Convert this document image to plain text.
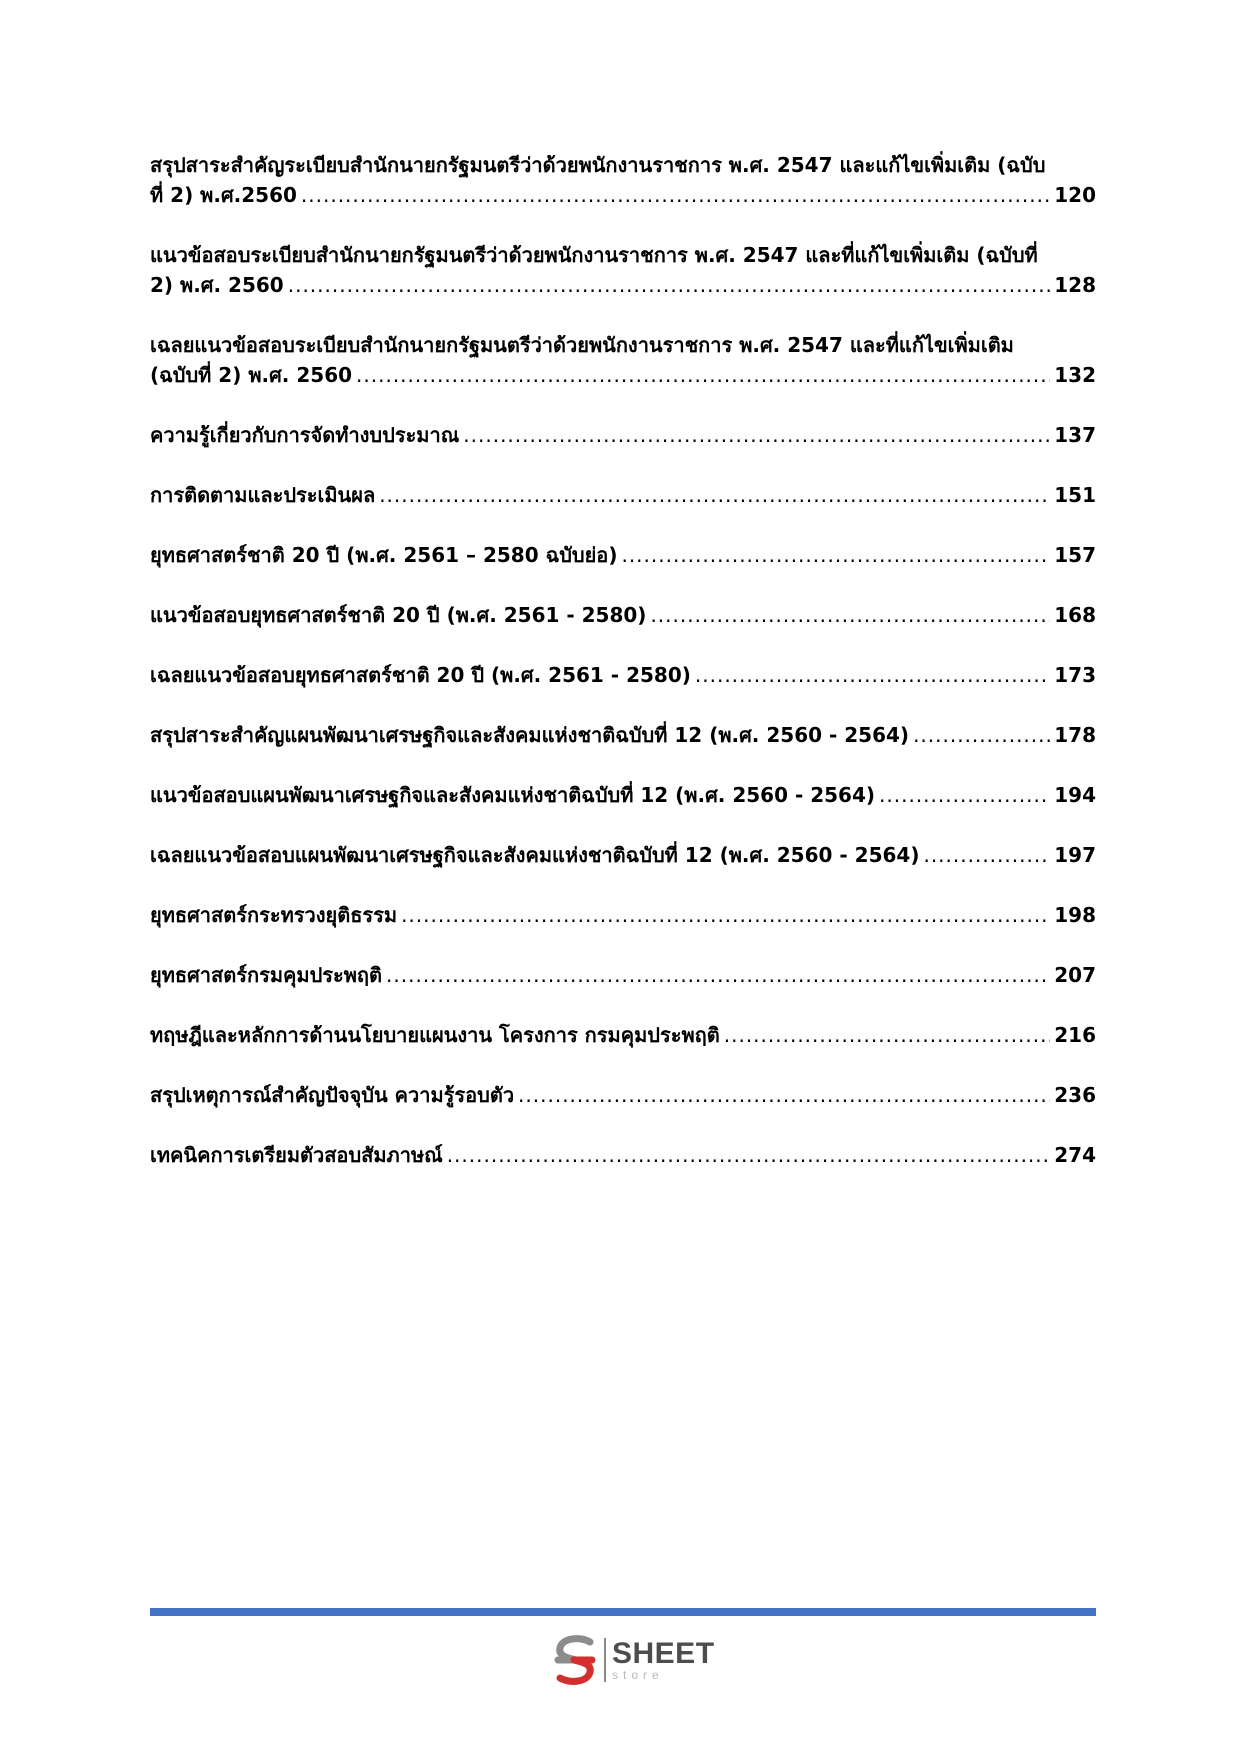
สรุปสาระสำคัญระเบียบสำนักนายกรัฐมนตรีว่าด้วยพนักงานราชการ พ.ศ. 2547 และแก้ไขเพิ่มเติม (ฉบับ
ที่ 2) พ.ศ.2560 .....	120
แนวข้อสอบระเบียบสำนักนายกรัฐมนตรีว่าด้วยพนักงานราชการ พ.ศ. 2547 และที่แก้ไขเพิ่มเติม (ฉบับที่
2) พ.ศ. 2560 .....	128
เฉลยแนวข้อสอบระเบียบสำนักนายกรัฐมนตรีว่าด้วยพนักงานราชการ พ.ศ. 2547 และที่แก้ไขเพิ่มเติม
(ฉบับที่ 2) พ.ศ. 2560 .....	132
ความรู้เกี่ยวกับการจัดทำงบประมาณ .....	137
การติดตามและประเมินผล .....	151
ยุทธศาสตร์ชาติ 20 ปี (พ.ศ. 2561 – 2580 ฉบับย่อ) .....	157
แนวข้อสอบยุทธศาสตร์ชาติ 20 ปี (พ.ศ. 2561 - 2580) .....	168
เฉลยแนวข้อสอบยุทธศาสตร์ชาติ 20 ปี (พ.ศ. 2561 - 2580) .....	173
สรุปสาระสำคัญแผนพัฒนาเศรษฐกิจและสังคมแห่งชาติฉบับที่ 12 (พ.ศ. 2560 - 2564) .....	178
แนวข้อสอบแผนพัฒนาเศรษฐกิจและสังคมแห่งชาติฉบับที่ 12 (พ.ศ. 2560 - 2564) .....	194
เฉลยแนวข้อสอบแผนพัฒนาเศรษฐกิจและสังคมแห่งชาติฉบับที่ 12 (พ.ศ. 2560 - 2564) .....	197
ยุทธศาสตร์กระทรวงยุติธรรม .....	198
ยุทธศาสตร์กรมคุมประพฤติ .....	207
ทฤษฎีและหลักการด้านนโยบายแผนงาน โครงการ กรมคุมประพฤติ .....	216
สรุปเหตุการณ์สำคัญปัจจุบัน ความรู้รอบตัว .....	236
เทคนิคการเตรียมตัวสอบสัมภาษณ์ .....	274
SHEET
store
